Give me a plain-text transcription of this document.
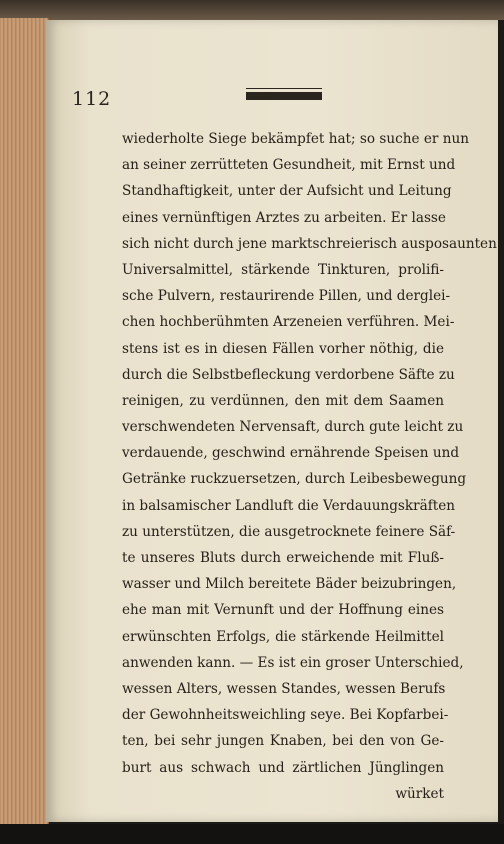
112
wiederholte Siege bekämpfet hat; so suche er nun
an seiner zerrütteten Gesundheit, mit Ernst und
Standhaftigkeit, unter der Aufsicht und Leitung
eines vernünftigen Arztes zu arbeiten. Er lasse
sich nicht durch jene marktschreierisch ausposaunten
Universalmittel, stärkende Tinkturen, prolifi-
sche Pulvern, restaurirende Pillen, und derglei-
chen hochberühmten Arzeneien verführen. Mei-
stens ist es in diesen Fällen vorher nöthig, die
durch die Selbstbefleckung verdorbene Säfte zu
reinigen, zu verdünnen, den mit dem Saamen
verschwendeten Nervensaft, durch gute leicht zu
verdauende, geschwind ernährende Speisen und
Getränke ruckzuersetzen, durch Leibesbewegung
in balsamischer Landluft die Verdauungskräften
zu unterstützen, die ausgetrocknete feinere Säf-
te unseres Bluts durch erweichende mit Fluß-
wasser und Milch bereitete Bäder beizubringen,
ehe man mit Vernunft und der Hoffnung eines
erwünschten Erfolgs, die stärkende Heilmittel
anwenden kann. — Es ist ein groser Unterschied,
wessen Alters, wessen Standes, wessen Berufs
der Gewohnheitsweichling seye. Bei Kopfarbei-
ten, bei sehr jungen Knaben, bei den von Ge-
burt aus schwach und zärtlichen Jünglingen
würket
